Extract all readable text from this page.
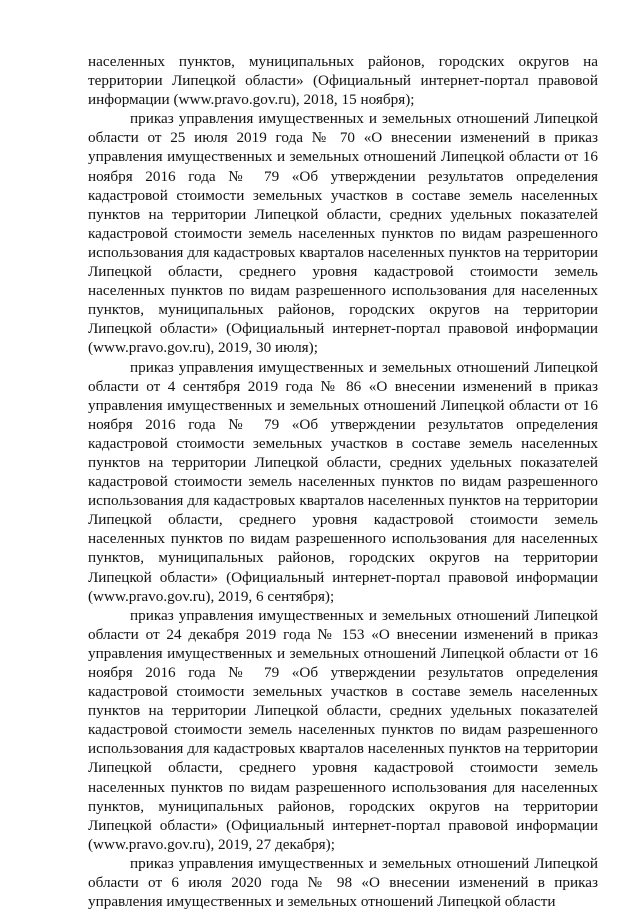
населенных пунктов, муниципальных районов, городских округов на территории Липецкой области» (Официальный интернет-портал правовой информации (www.pravo.gov.ru), 2018, 15 ноября);

приказ управления имущественных и земельных отношений Липецкой области от 25 июля 2019 года № 70 «О внесении изменений в приказ управления имущественных и земельных отношений Липецкой области от 16 ноября 2016 года № 79 «Об утверждении результатов определения кадастровой стоимости земельных участков в составе земель населенных пунктов на территории Липецкой области, средних удельных показателей кадастровой стоимости земель населенных пунктов по видам разрешенного использования для кадастровых кварталов населенных пунктов на территории Липецкой области, среднего уровня кадастровой стоимости земель населенных пунктов по видам разрешенного использования для населенных пунктов, муниципальных районов, городских округов на территории Липецкой области» (Официальный интернет-портал правовой информации (www.pravo.gov.ru), 2019, 30 июля);

приказ управления имущественных и земельных отношений Липецкой области от 4 сентября 2019 года № 86 «О внесении изменений в приказ управления имущественных и земельных отношений Липецкой области от 16 ноября 2016 года № 79 «Об утверждении результатов определения кадастровой стоимости земельных участков в составе земель населенных пунктов на территории Липецкой области, средних удельных показателей кадастровой стоимости земель населенных пунктов по видам разрешенного использования для кадастровых кварталов населенных пунктов на территории Липецкой области, среднего уровня кадастровой стоимости земель населенных пунктов по видам разрешенного использования для населенных пунктов, муниципальных районов, городских округов на территории Липецкой области» (Официальный интернет-портал правовой информации (www.pravo.gov.ru), 2019, 6 сентября);

приказ управления имущественных и земельных отношений Липецкой области от 24 декабря 2019 года № 153 «О внесении изменений в приказ управления имущественных и земельных отношений Липецкой области от 16 ноября 2016 года № 79 «Об утверждении результатов определения кадастровой стоимости земельных участков в составе земель населенных пунктов на территории Липецкой области, средних удельных показателей кадастровой стоимости земель населенных пунктов по видам разрешенного использования для кадастровых кварталов населенных пунктов на территории Липецкой области, среднего уровня кадастровой стоимости земель населенных пунктов по видам разрешенного использования для населенных пунктов, муниципальных районов, городских округов на территории Липецкой области» (Официальный интернет-портал правовой информации (www.pravo.gov.ru), 2019, 27 декабря);

приказ управления имущественных и земельных отношений Липецкой области от 6 июля 2020 года № 98 «О внесении изменений в приказ управления имущественных и земельных отношений Липецкой области
